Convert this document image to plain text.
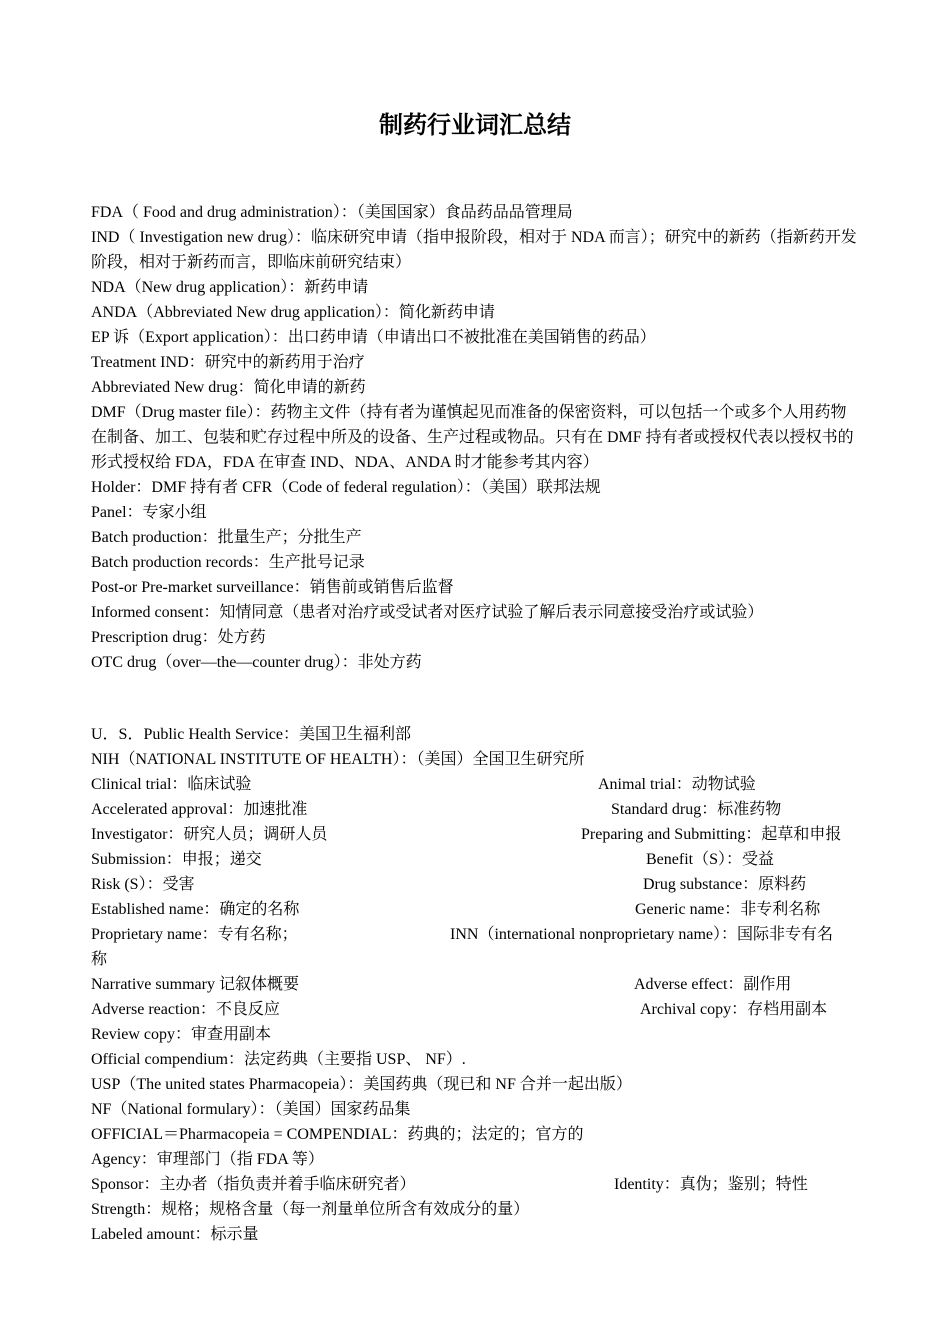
制药行业词汇总结
FDA（ Food and drug administration）：（美国国家）食品药品品管理局
IND（ Investigation new drug）：临床研究申请（指申报阶段，相对于 NDA 而言）；研究中的新药（指新药开发阶段，相对于新药而言，即临床前研究结束）
NDA（New drug application）：新药申请
ANDA（Abbreviated New drug application）：简化新药申请
EP 诉（Export application）：出口药申请（申请出口不被批准在美国销售的药品）
Treatment IND：研究中的新药用于治疗
Abbreviated New drug：简化申请的新药
DMF（Drug master file）：药物主文件（持有者为谨慎起见而准备的保密资料，可以包括一个或多个人用药物在制备、加工、包装和贮存过程中所及的设备、生产过程或物品。只有在 DMF 持有者或授权代表以授权书的形式授权给 FDA，FDA 在审查 IND、NDA、ANDA 时才能参考其内容）
Holder：DMF 持有者 CFR（Code of federal regulation）：（美国）联邦法规
Panel：专家小组
Batch production：批量生产；分批生产
Batch production records：生产批号记录
Post-or Pre-market surveillance：销售前或销售后监督
Informed consent：知情同意（患者对治疗或受试者对医疗试验了解后表示同意接受治疗或试验）
Prescription drug：处方药
OTC drug（over—the—counter drug）：非处方药
U．S．Public Health Service：美国卫生福利部
NIH（NATIONAL INSTITUTE OF HEALTH）：（美国）全国卫生研究所
Clinical trial：临床试验	Animal trial：动物试验
Accelerated approval：加速批准	Standard drug：标准药物
Investigator：研究人员；调研人员	Preparing and Submitting：起草和申报
Submission：申报；递交	Benefit（S）：受益
Risk (S）：受害	Drug substance：原料药
Established name：确定的名称	Generic name：非专利名称
Proprietary name：专有名称；	INN（international nonproprietary name）：国际非专有名
称
Narrative summary 记叙体概要	Adverse effect：副作用
Adverse reaction：不良反应	Archival copy：存档用副本
Review copy：审查用副本
Official compendium：法定药典（主要指 USP、 NF）.
USP（The united states Pharmacopeia）：美国药典（现已和 NF 合并一起出版）
NF（National formulary）：（美国）国家药品集
OFFICIAL＝Pharmacopeia = COMPENDIAL：药典的；法定的；官方的
Agency：审理部门（指 FDA 等）
Sponsor：主办者（指负责并着手临床研究者）	Identity：真伪；鉴别；特性
Strength：规格；规格含量（每一剂量单位所含有效成分的量）
Labeled amount：标示量
